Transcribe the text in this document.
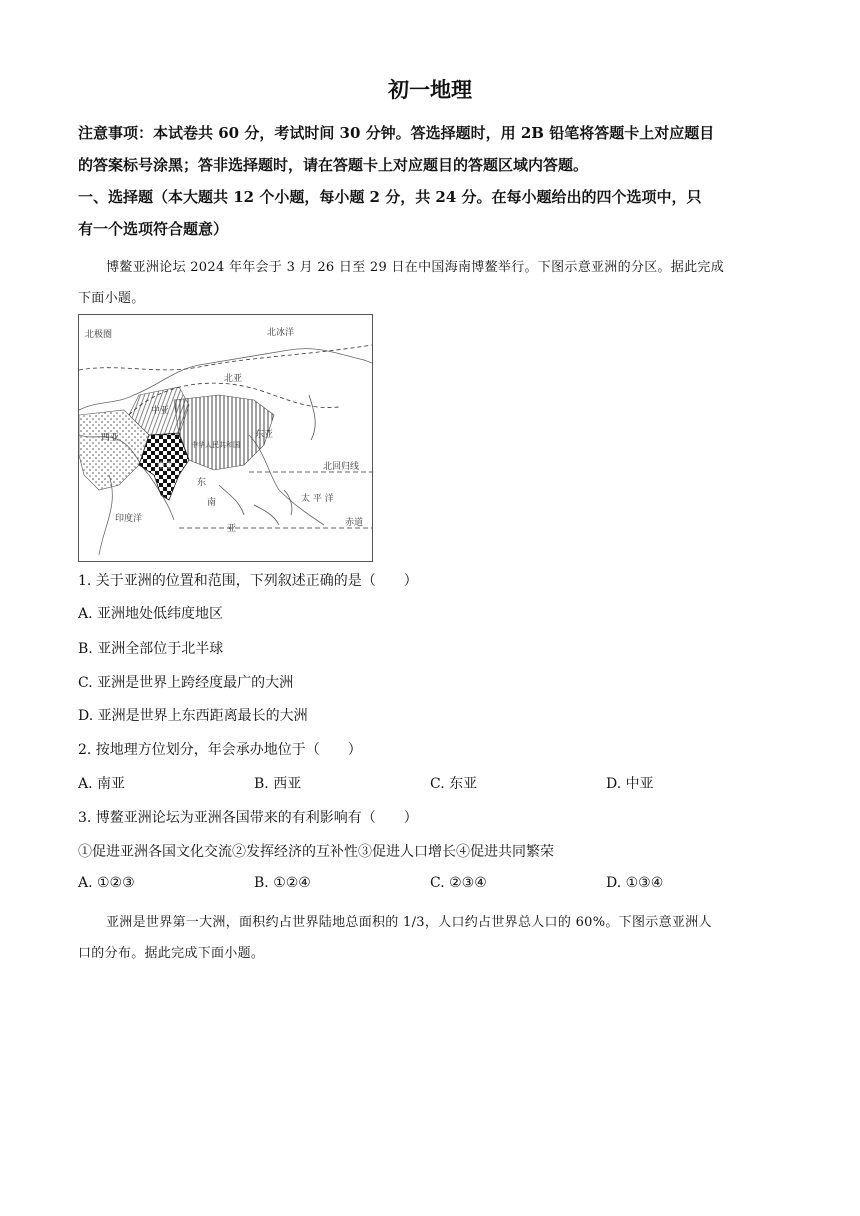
初一地理
注意事项：本试卷共 60 分，考试时间 30 分钟。答选择题时，用 2B 铅笔将答题卡上对应题目
的答案标号涂黑；答非选择题时，请在答题卡上对应题目的答题区域内答题。
一、选择题（本大题共 12 个小题，每小题 2 分，共 24 分。在每小题给出的四个选项中，只
有一个选项符合题意）
博鳌亚洲论坛 2024 年年会于 3 月 26 日至 29 日在中国海南博鳌举行。下图示意亚洲的分区。据此完成
下面小题。
北极圈	北冰洋
北亚
中亚
中华人民共和国
东亚
西亚
南亚	北回归线
东
南
亚
太 平 洋
印度洋	赤道
1. 关于亚洲的位置和范围，下列叙述正确的是（　　）
A. 亚洲地处低纬度地区
B. 亚洲全部位于北半球
C. 亚洲是世界上跨经度最广的大洲
D. 亚洲是世界上东西距离最长的大洲
2. 按地理方位划分，年会承办地位于（　　）
A. 南亚	B. 西亚	C. 东亚	D. 中亚
3. 博鳌亚洲论坛为亚洲各国带来的有利影响有（　　）
①促进亚洲各国文化交流②发挥经济的互补性③促进人口增长④促进共同繁荣
A. ①②③	B. ①②④	C. ②③④	D. ①③④
亚洲是世界第一大洲，面积约占世界陆地总面积的 1/3，人口约占世界总人口的 60%。下图示意亚洲人
口的分布。据此完成下面小题。
